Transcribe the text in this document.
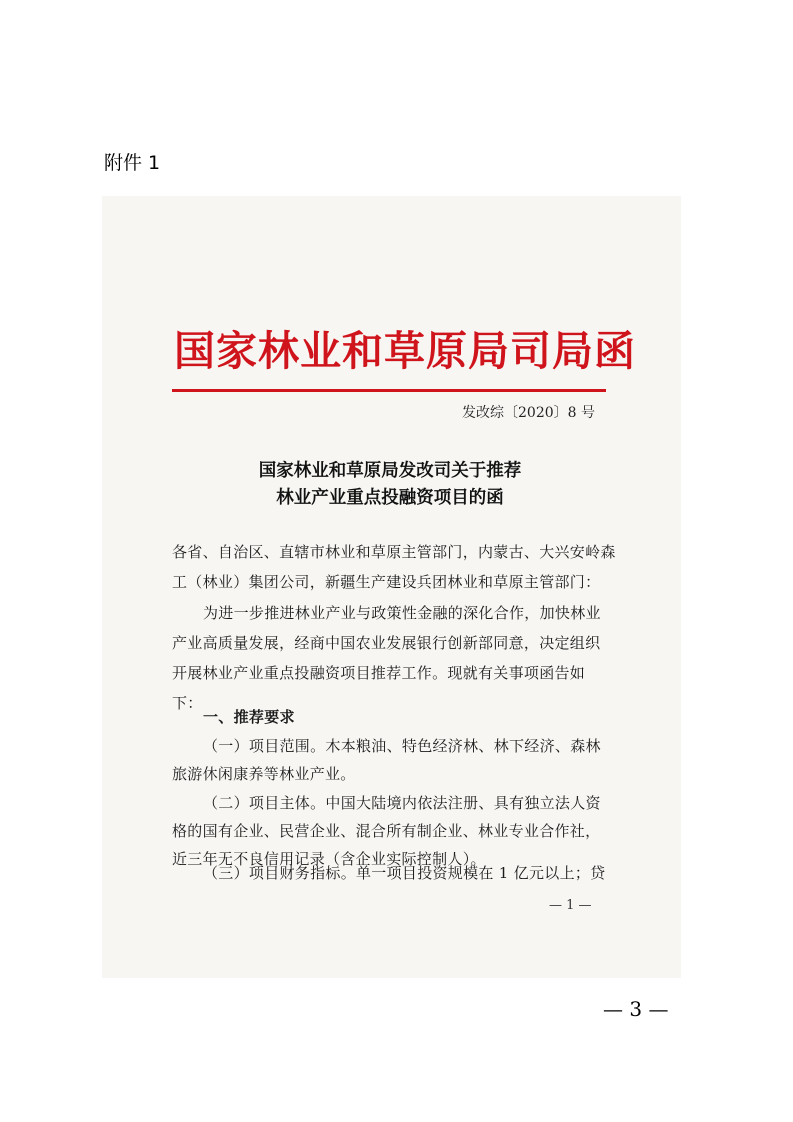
附件 1
国家林业和草原局司局函
发改综〔2020〕8 号
国家林业和草原局发改司关于推荐
林业产业重点投融资项目的函
各省、自治区、直辖市林业和草原主管部门，内蒙古、大兴安岭森
工（林业）集团公司，新疆生产建设兵团林业和草原主管部门：
为进一步推进林业产业与政策性金融的深化合作，加快林业
产业高质量发展，经商中国农业发展银行创新部同意，决定组织
开展林业产业重点投融资项目推荐工作。现就有关事项函告如
下：
一、推荐要求
（一）项目范围。木本粮油、特色经济林、林下经济、森林
旅游休闲康养等林业产业。
（二）项目主体。中国大陆境内依法注册、具有独立法人资
格的国有企业、民营企业、混合所有制企业、林业专业合作社，
近三年无不良信用记录（含企业实际控制人）。
（三）项目财务指标。单一项目投资规模在 1 亿元以上；贷
— 1 —
— 3 —
